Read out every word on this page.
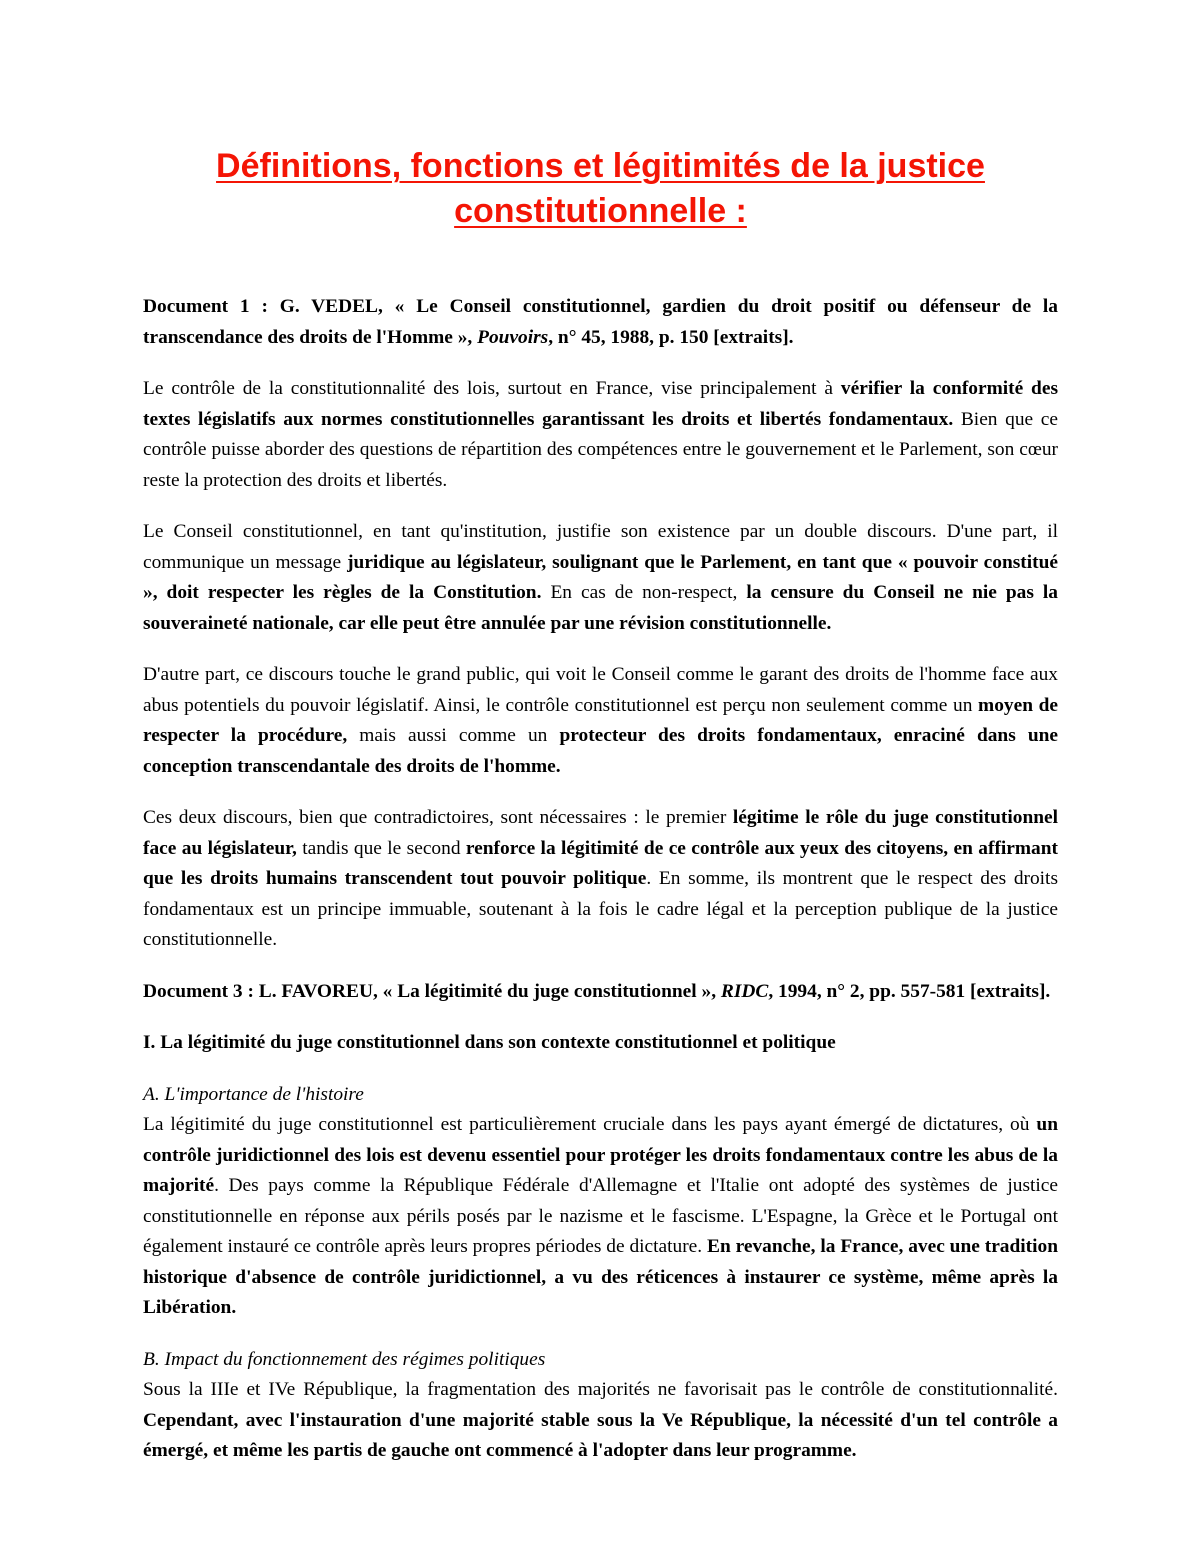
Définitions, fonctions et légitimités de la justice constitutionnelle :

Document 1 : G. VEDEL, « Le Conseil constitutionnel, gardien du droit positif ou défenseur de la transcendance des droits de l'Homme », Pouvoirs, n° 45, 1988, p. 150 [extraits].

Le contrôle de la constitutionnalité des lois, surtout en France, vise principalement à vérifier la conformité des textes législatifs aux normes constitutionnelles garantissant les droits et libertés fondamentaux. Bien que ce contrôle puisse aborder des questions de répartition des compétences entre le gouvernement et le Parlement, son cœur reste la protection des droits et libertés.

Le Conseil constitutionnel, en tant qu'institution, justifie son existence par un double discours. D'une part, il communique un message juridique au législateur, soulignant que le Parlement, en tant que « pouvoir constitué », doit respecter les règles de la Constitution. En cas de non-respect, la censure du Conseil ne nie pas la souveraineté nationale, car elle peut être annulée par une révision constitutionnelle.

D'autre part, ce discours touche le grand public, qui voit le Conseil comme le garant des droits de l'homme face aux abus potentiels du pouvoir législatif. Ainsi, le contrôle constitutionnel est perçu non seulement comme un moyen de respecter la procédure, mais aussi comme un protecteur des droits fondamentaux, enraciné dans une conception transcendantale des droits de l'homme.

Ces deux discours, bien que contradictoires, sont nécessaires : le premier légitime le rôle du juge constitutionnel face au législateur, tandis que le second renforce la légitimité de ce contrôle aux yeux des citoyens, en affirmant que les droits humains transcendent tout pouvoir politique. En somme, ils montrent que le respect des droits fondamentaux est un principe immuable, soutenant à la fois le cadre légal et la perception publique de la justice constitutionnelle.

Document 3 : L. FAVOREU, « La légitimité du juge constitutionnel », RIDC, 1994, n° 2, pp. 557-581 [extraits].

I. La légitimité du juge constitutionnel dans son contexte constitutionnel et politique

A. L'importance de l'histoire
La légitimité du juge constitutionnel est particulièrement cruciale dans les pays ayant émergé de dictatures, où un contrôle juridictionnel des lois est devenu essentiel pour protéger les droits fondamentaux contre les abus de la majorité. Des pays comme la République Fédérale d'Allemagne et l'Italie ont adopté des systèmes de justice constitutionnelle en réponse aux périls posés par le nazisme et le fascisme. L'Espagne, la Grèce et le Portugal ont également instauré ce contrôle après leurs propres périodes de dictature. En revanche, la France, avec une tradition historique d'absence de contrôle juridictionnel, a vu des réticences à instaurer ce système, même après la Libération.

B. Impact du fonctionnement des régimes politiques
Sous la IIIe et IVe République, la fragmentation des majorités ne favorisait pas le contrôle de constitutionnalité. Cependant, avec l'instauration d'une majorité stable sous la Ve République, la nécessité d'un tel contrôle a émergé, et même les partis de gauche ont commencé à l'adopter dans leur programme.
